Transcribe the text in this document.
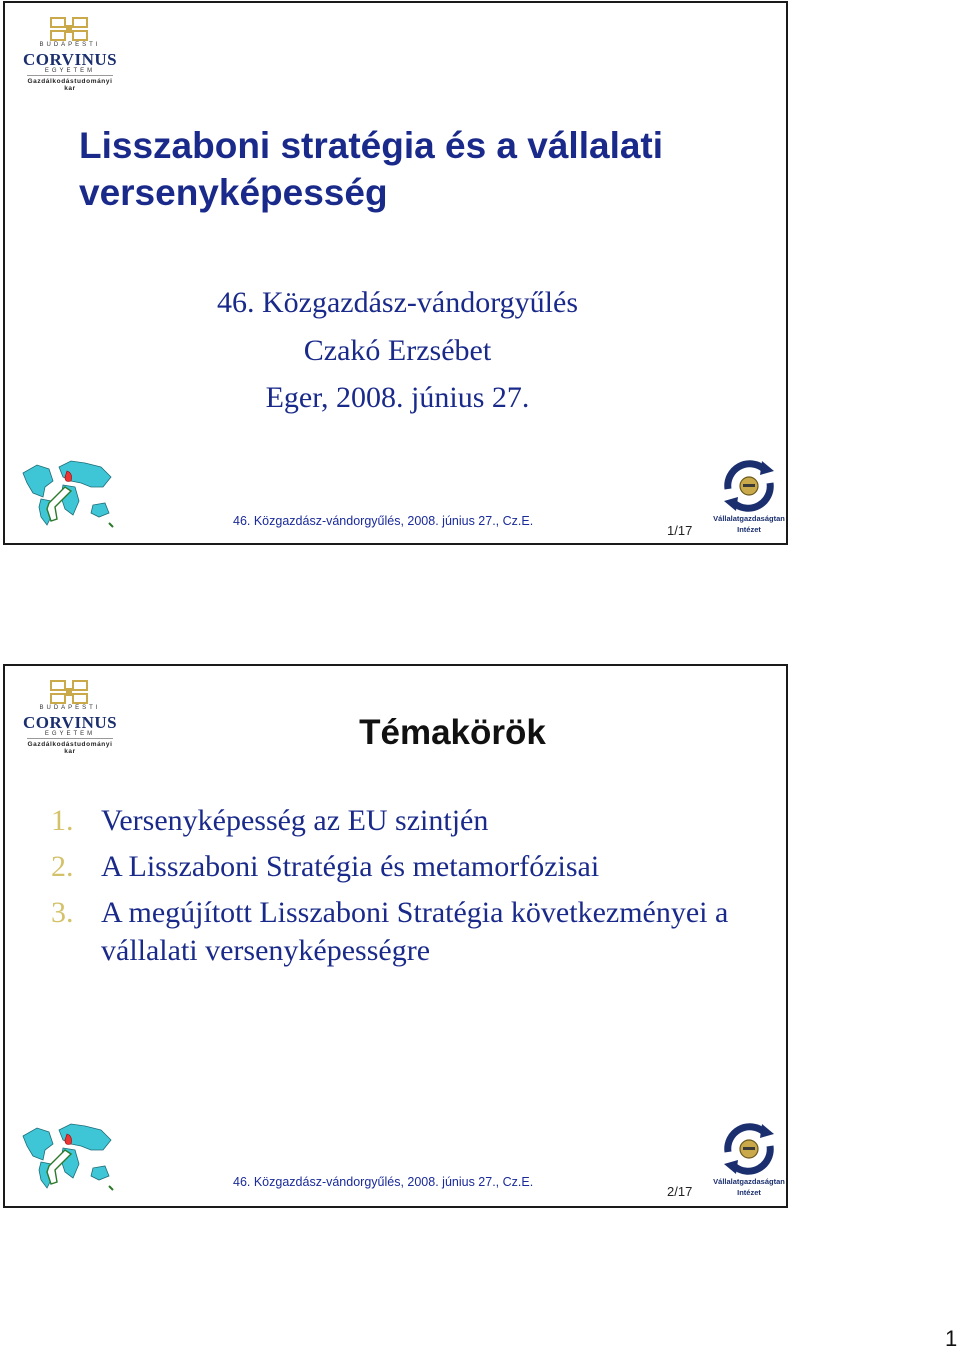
BUDAPESTI
CORVINUS
EGYETEM
Gazdálkodástudományi kar
Lisszaboni stratégia és a vállalati versenyképesség
46. Közgazdász-vándorgyűlés
Czakó Erzsébet
Eger, 2008. június 27.
46. Közgazdász-vándorgyűlés, 2008. június 27., Cz.E.
1/17
Vállalatgazdaságtan
Intézet
BUDAPESTI
CORVINUS
EGYETEM
Gazdálkodástudományi kar	Témakörök
1. Versenyképesség az EU szintjén
2. A Lisszaboni Stratégia és metamorfózisai
3. A megújított Lisszaboni Stratégia következményei a vállalati versenyképességre
46. Közgazdász-vándorgyűlés, 2008. június 27., Cz.E.
2/17
Vállalatgazdaságtan
Intézet
1
